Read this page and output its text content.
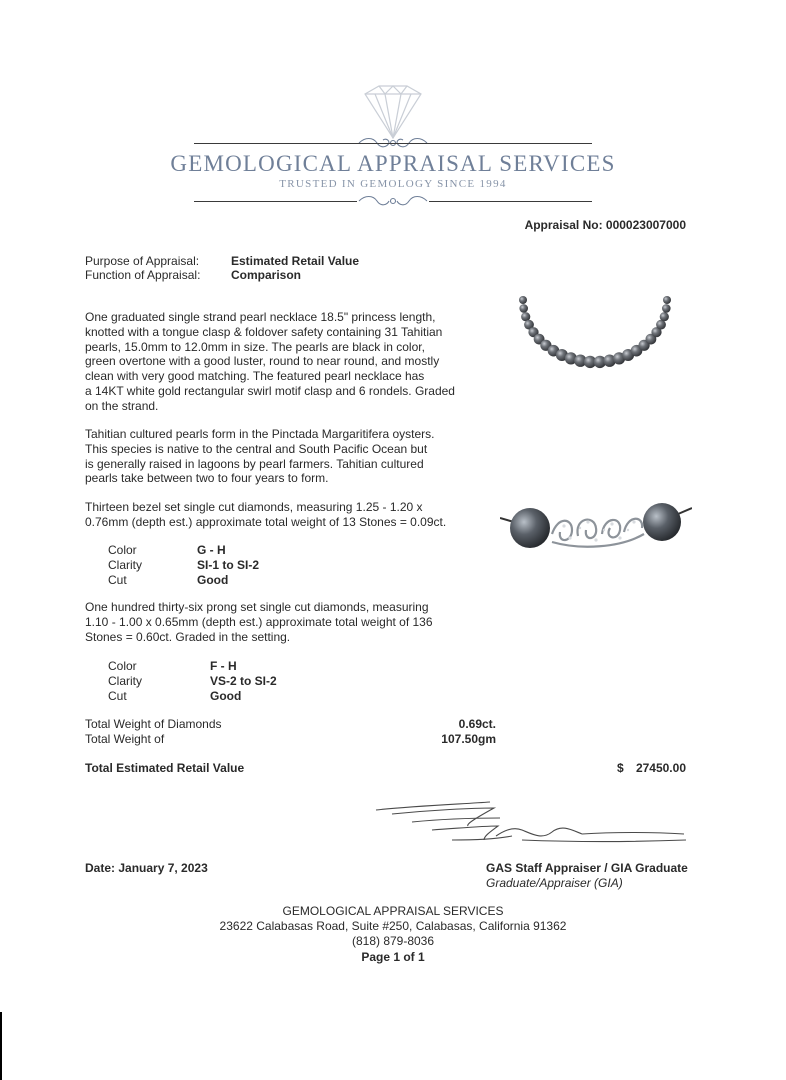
GEMOLOGICAL APPRAISAL SERVICES
TRUSTED IN GEMOLOGY SINCE 1994
Appraisal No: 000023007000
Purpose of Appraisal:	Estimated Retail Value
Function of Appraisal:	Comparison
One graduated single strand pearl necklace 18.5" princess length,
knotted with a tongue clasp & foldover safety containing 31 Tahitian
pearls, 15.0mm to 12.0mm in size. The pearls are black in color,
green overtone with a good luster, round to near round, and mostly
clean with very good matching. The featured pearl necklace has
a 14KT white gold rectangular swirl motif clasp and 6 rondels. Graded
on the strand.
Tahitian cultured pearls form in the Pinctada Margaritifera oysters.
This species is native to the central and South Pacific Ocean but
is generally raised in lagoons by pearl farmers. Tahitian cultured
pearls take between two to four years to form.
Thirteen bezel set single cut diamonds, measuring 1.25 - 1.20 x
0.76mm (depth est.) approximate total weight of 13 Stones = 0.09ct.
Color	G - H
Clarity	SI-1 to SI-2
Cut	Good
One hundred thirty-six prong set single cut diamonds, measuring
1.10 - 1.00 x 0.65mm (depth est.) approximate total weight of 136
Stones = 0.60ct. Graded in the setting.
Color	F - H
Clarity	VS-2 to SI-2
Cut	Good
Total Weight of Diamonds	0.69ct.
Total Weight of	107.50gm
Total Estimated Retail Value	$	27450.00
Date: January 7, 2023	GAS Staff Appraiser / GIA Graduate
Graduate/Appraiser (GIA)
GEMOLOGICAL APPRAISAL SERVICES
23622 Calabasas Road, Suite #250, Calabasas, California 91362
(818) 879-8036
Page 1 of 1
